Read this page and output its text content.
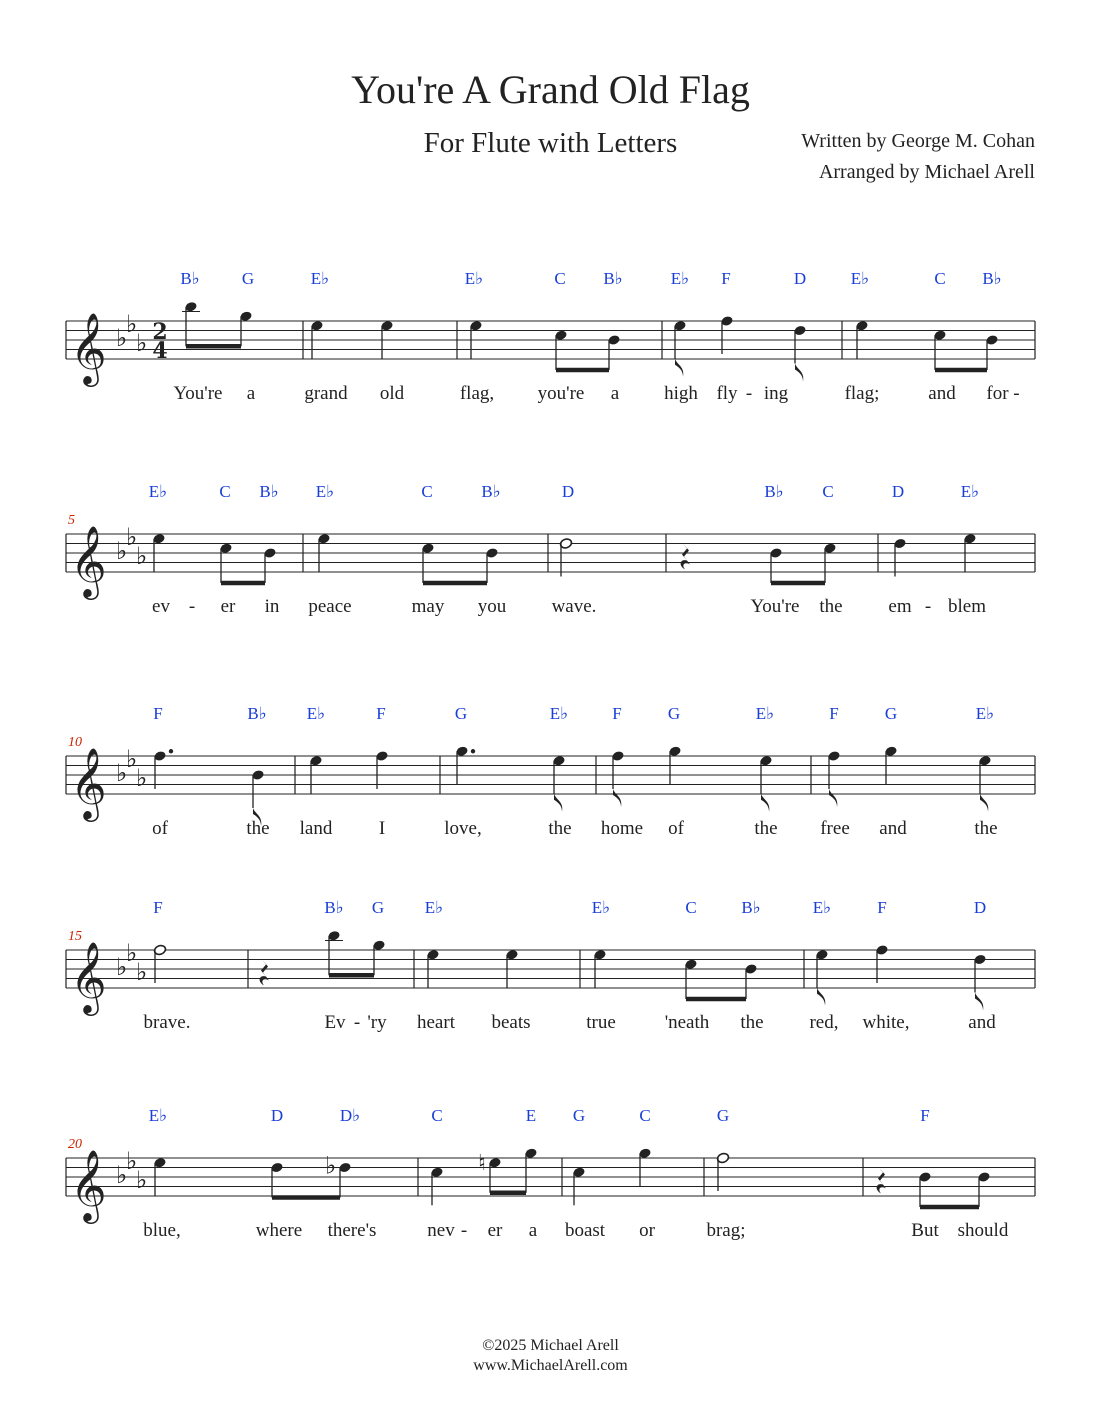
You're A Grand Old Flag
For Flute with Letters	Written by George M. Cohan
Arranged by Michael Arell
𝄞 ♭
♭
♭ 2
4
B♭
You're
G
a
E♭
grand old
E♭
flag,
C
you're
B♭
a
E♭
high
F
fly -
D
ing
E♭
flag;
C
and
B♭
for -
𝄞 ♭
♭
♭
5
E♭
ev -
C
er
B♭
in
E♭
peace
C
may
B♭
you
D
wave.
B♭
You're
C
the
D
em -
E♭
blem
𝄞 ♭
♭
♭
10
F
of
B♭
the
E♭
land
F
I
G
love,
E♭
the
F
home
G
of
E♭
the
F
free
G
and
E♭
the
𝄞 ♭
♭
♭
15
F
brave.
B♭
Ev -
G
'ry
E♭
heart beats
E♭
true
C
'neath
B♭
the
E♭
red,
F
white,
D
and
𝄞 ♭
♭
♭
20
♭	♮
E♭
blue,
D
where
D♭
there's
C
nev -
E
er
G
a
C
boast
G
or
F
brag;	But should
©2025 Michael Arell
www.MichaelArell.com
